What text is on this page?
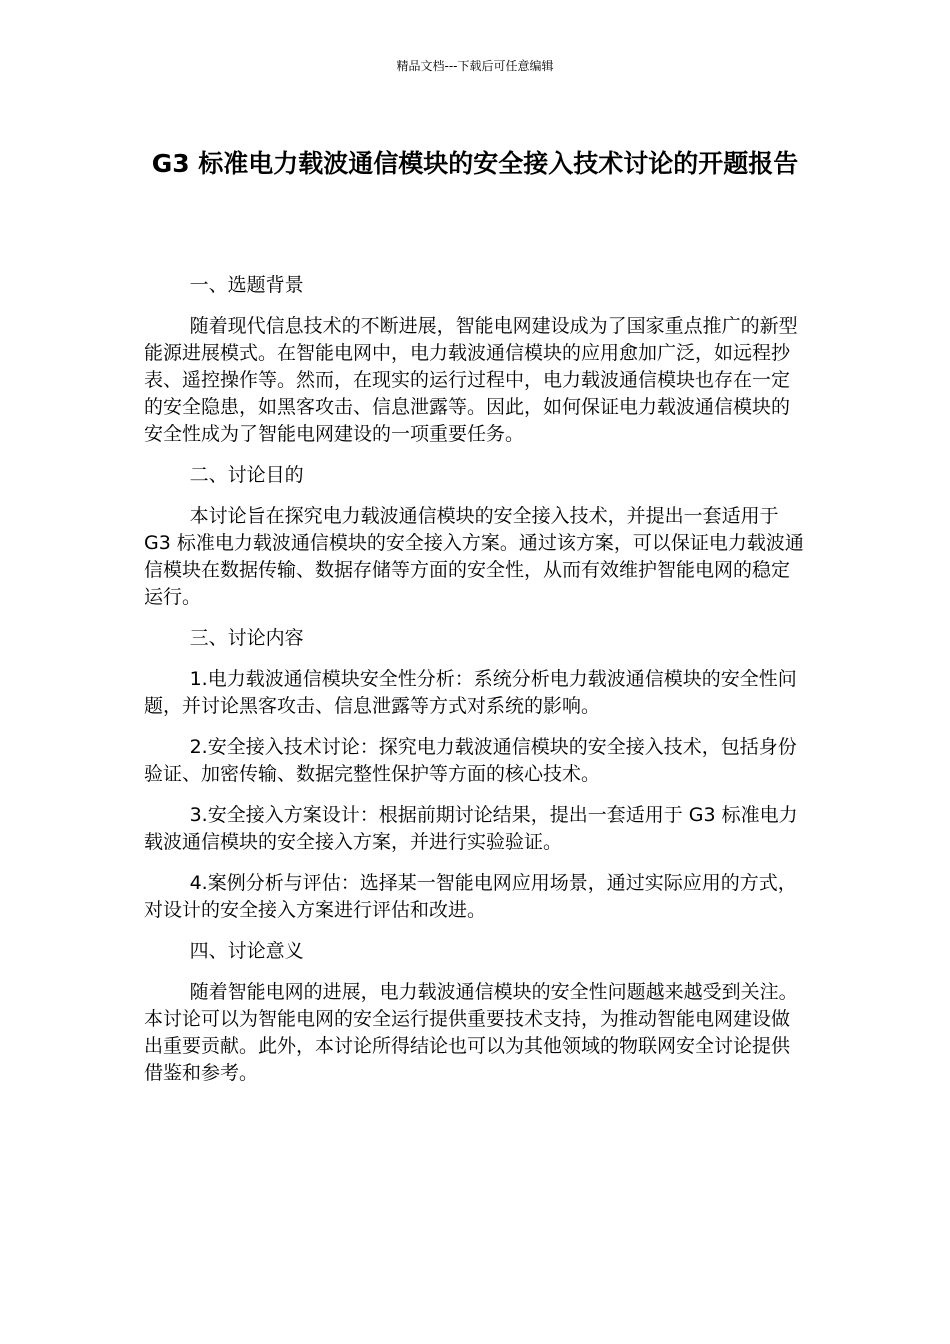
精品文档---下载后可任意编辑
G3 标准电力载波通信模块的安全接入技术讨论的开题报告

一、选题背景

随着现代信息技术的不断进展，智能电网建设成为了国家重点推广的新型能源进展模式。在智能电网中，电力载波通信模块的应用愈加广泛，如远程抄表、遥控操作等。然而，在现实的运行过程中，电力载波通信模块也存在一定的安全隐患，如黑客攻击、信息泄露等。因此，如何保证电力载波通信模块的安全性成为了智能电网建设的一项重要任务。

二、讨论目的

本讨论旨在探究电力载波通信模块的安全接入技术，并提出一套适用于 G3 标准电力载波通信模块的安全接入方案。通过该方案，可以保证电力载波通信模块在数据传输、数据存储等方面的安全性，从而有效维护智能电网的稳定运行。

三、讨论内容

1.电力载波通信模块安全性分析：系统分析电力载波通信模块的安全性问题，并讨论黑客攻击、信息泄露等方式对系统的影响。

2.安全接入技术讨论：探究电力载波通信模块的安全接入技术，包括身份验证、加密传输、数据完整性保护等方面的核心技术。

3.安全接入方案设计：根据前期讨论结果，提出一套适用于 G3 标准电力载波通信模块的安全接入方案，并进行实验验证。

4.案例分析与评估：选择某一智能电网应用场景，通过实际应用的方式，对设计的安全接入方案进行评估和改进。

四、讨论意义

随着智能电网的进展，电力载波通信模块的安全性问题越来越受到关注。本讨论可以为智能电网的安全运行提供重要技术支持，为推动智能电网建设做出重要贡献。此外，本讨论所得结论也可以为其他领域的物联网安全讨论提供借鉴和参考。
